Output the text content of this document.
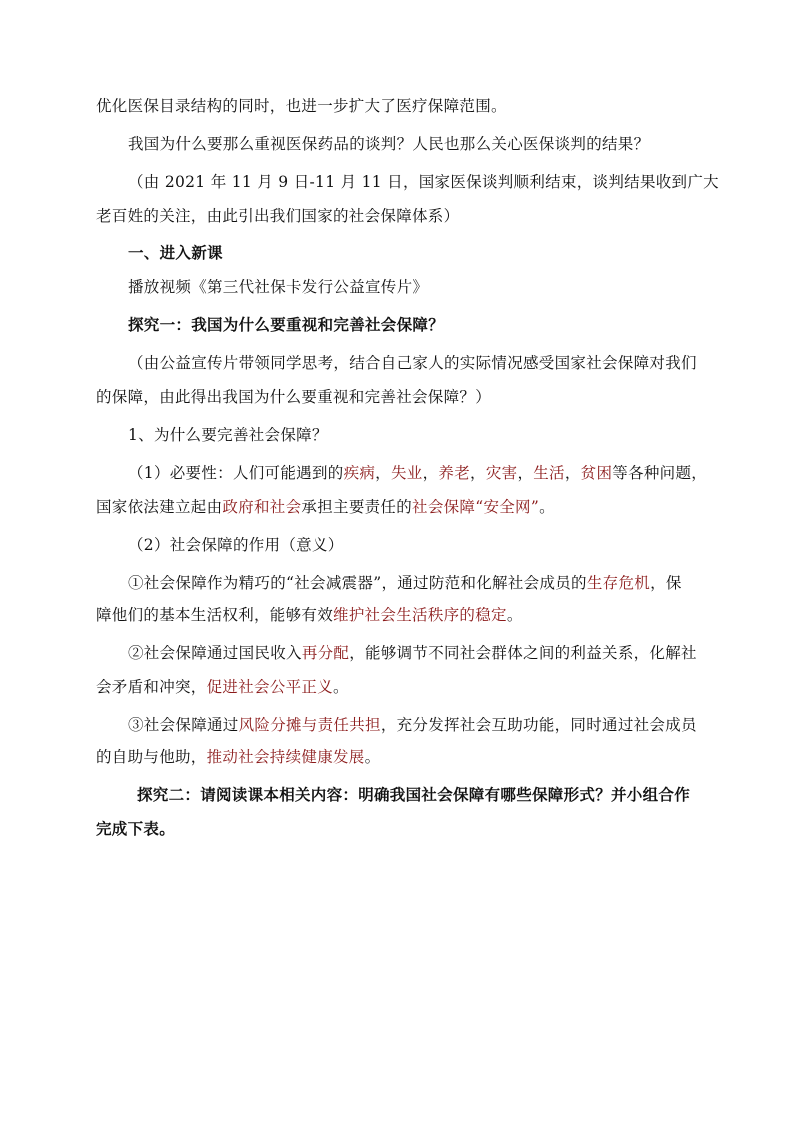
优化医保目录结构的同时，也进一步扩大了医疗保障范围。
我国为什么要那么重视医保药品的谈判？人民也那么关心医保谈判的结果？
（由 2021 年 11 月 9 日-11 月 11 日，国家医保谈判顺利结束，谈判结果收到广大
老百姓的关注，由此引出我们国家的社会保障体系）
一、进入新课
播放视频《第三代社保卡发行公益宣传片》
探究一：我国为什么要重视和完善社会保障？
（由公益宣传片带领同学思考，结合自己家人的实际情况感受国家社会保障对我们
的保障，由此得出我国为什么要重视和完善社会保障？）
1、为什么要完善社会保障？
（1）必要性：人们可能遇到的疾病，失业，养老，灾害，生活，贫困等各种问题，
国家依法建立起由政府和社会承担主要责任的社会保障“安全网”。
（2）社会保障的作用（意义）
①社会保障作为精巧的“社会减震器”，通过防范和化解社会成员的生存危机，保
障他们的基本生活权利，能够有效维护社会生活秩序的稳定。
②社会保障通过国民收入再分配，能够调节不同社会群体之间的利益关系，化解社
会矛盾和冲突，促进社会公平正义。
③社会保障通过风险分摊与责任共担，充分发挥社会互助功能，同时通过社会成员
的自助与他助，推动社会持续健康发展。
探究二：请阅读课本相关内容：明确我国社会保障有哪些保障形式？并小组合作
完成下表。
